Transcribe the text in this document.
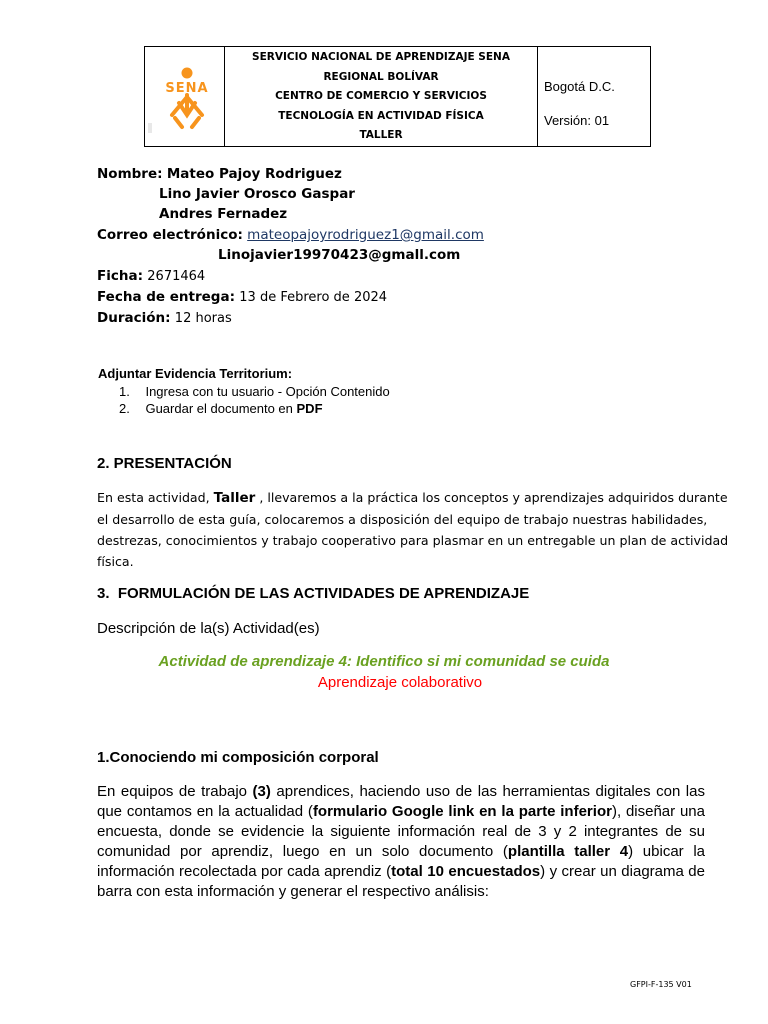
SENA
SERVICIO NACIONAL DE APRENDIZAJE SENA
REGIONAL BOLÍVAR
CENTRO DE COMERCIO Y SERVICIOS
TECNOLOGÍA EN ACTIVIDAD FÍSICA
TALLER
Bogotá D.C.
Versión: 01
Nombre: Mateo Pajoy Rodriguez
Lino Javier Orosco Gaspar
Andres Fernadez
Correo electrónico: mateopajoyrodriguez1@gmail.com
Linojavier19970423@gmall.com
Ficha: 2671464
Fecha de entrega: 13 de Febrero de 2024
Duración: 12 horas
Adjuntar Evidencia Territorium:
1. Ingresa con tu usuario - Opción Contenido
2. Guardar el documento en PDF
2. PRESENTACIÓN
En esta actividad, Taller , llevaremos a la práctica los conceptos y aprendizajes adquiridos durante
el desarrollo de esta guía, colocaremos a disposición del equipo de trabajo nuestras habilidades,
destrezas, conocimientos y trabajo cooperativo para plasmar en un entregable un plan de actividad
física.
3.  FORMULACIÓN DE LAS ACTIVIDADES DE APRENDIZAJE
Descripción de la(s) Actividad(es)
Actividad de aprendizaje 4: Identifico si mi comunidad se cuida
Aprendizaje colaborativo
1.Conociendo mi composición corporal
En equipos de trabajo (3) aprendices, haciendo uso de las herramientas digitales con las que contamos en la actualidad (formulario Google link en la parte inferior), diseñar una encuesta, donde se evidencie la siguiente información real de 3 y 2 integrantes de su comunidad por aprendiz, luego en un solo documento (plantilla taller 4) ubicar la información recolectada por cada aprendiz (total 10 encuestados) y crear un diagrama de barra con esta información y generar el respectivo análisis:
GFPI-F-135 V01
